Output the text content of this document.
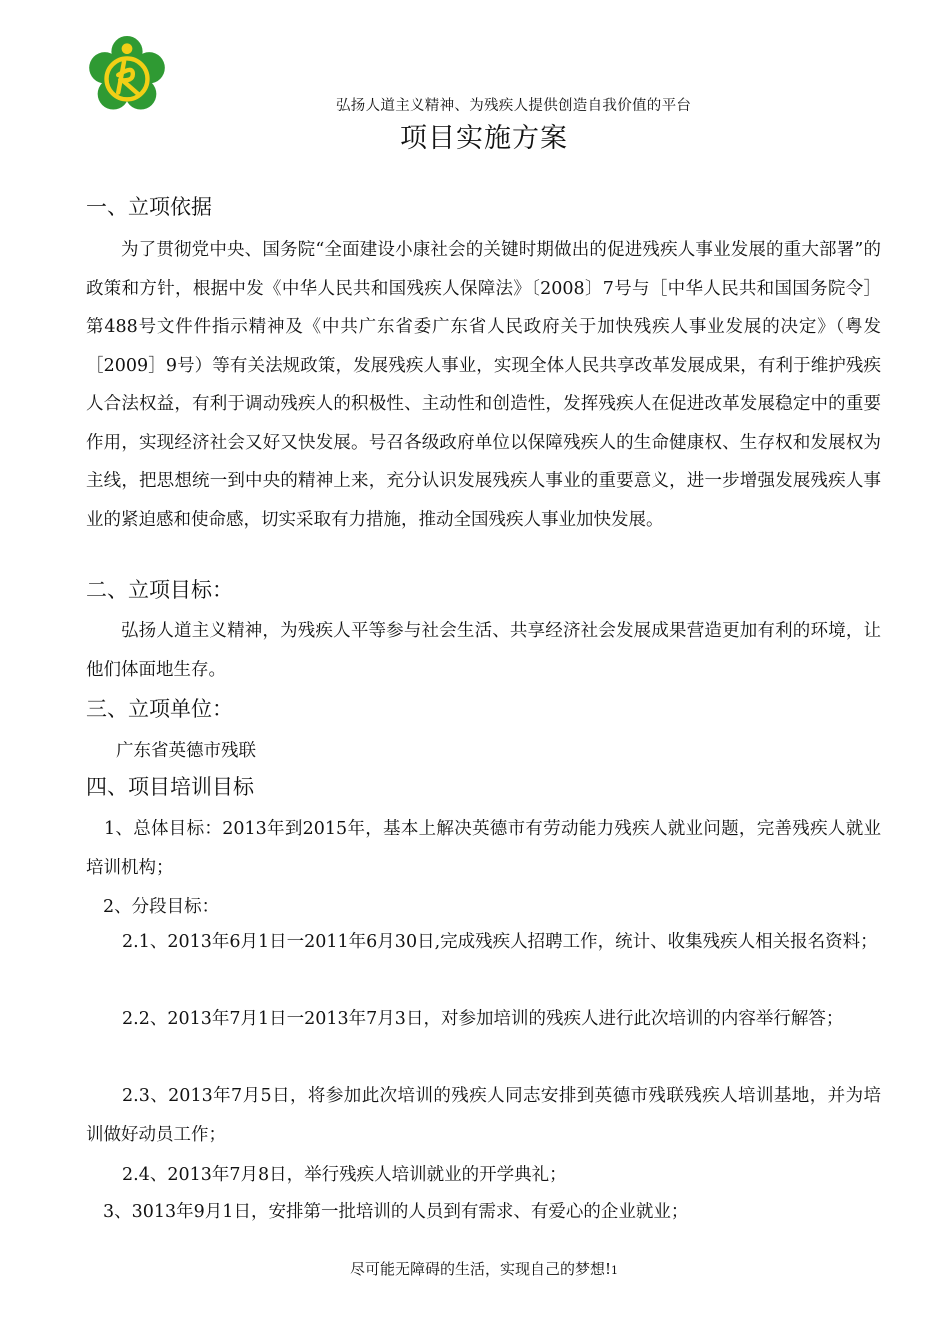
弘扬人道主义精神、为残疾人提供创造自我价值的平台
项目实施方案
一、立项依据

为了贯彻党中央、国务院“全面建设小康社会的关键时期做出的促进残疾人事业发展的重大部署”的政策和方针，根据中发《中华人民共和国残疾人保障法》〔2008〕7号与［中华人民共和国国务院令］第488号文件件指示精神及《中共广东省委广东省人民政府关于加快残疾人事业发展的决定》（粤发［2009］9号）等有关法规政策，发展残疾人事业，实现全体人民共享改革发展成果，有利于维护残疾人合法权益，有利于调动残疾人的积极性、主动性和创造性，发挥残疾人在促进改革发展稳定中的重要作用，实现经济社会又好又快发展。号召各级政府单位以保障残疾人的生命健康权、生存权和发展权为主线，把思想统一到中央的精神上来，充分认识发展残疾人事业的重要意义，进一步增强发展残疾人事业的紧迫感和使命感，切实采取有力措施，推动全国残疾人事业加快发展。

二、立项目标：

弘扬人道主义精神，为残疾人平等参与社会生活、共享经济社会发展成果营造更加有利的环境，让他们体面地生存。

三、立项单位：
广东省英德市残联
四、项目培训目标

1、总体目标：2013年到2015年，基本上解决英德市有劳动能力残疾人就业问题，完善残疾人就业培训机构；

2、分段目标：

2.1、2013年6月1日一2011年6月30日,完成残疾人招聘工作，统计、收集残疾人相关报名资料；

2.2、2013年7月1日一2013年7月3日，对参加培训的残疾人进行此次培训的内容举行解答；

2.3、2013年7月5日，将参加此次培训的残疾人同志安排到英德市残联残疾人培训基地，并为培训做好动员工作；

2.4、2013年7月8日，举行残疾人培训就业的开学典礼；
3、3013年9月1日，安排第一批培训的人员到有需求、有爱心的企业就业；
尽可能无障碍的生活，实现自己的梦想!1
